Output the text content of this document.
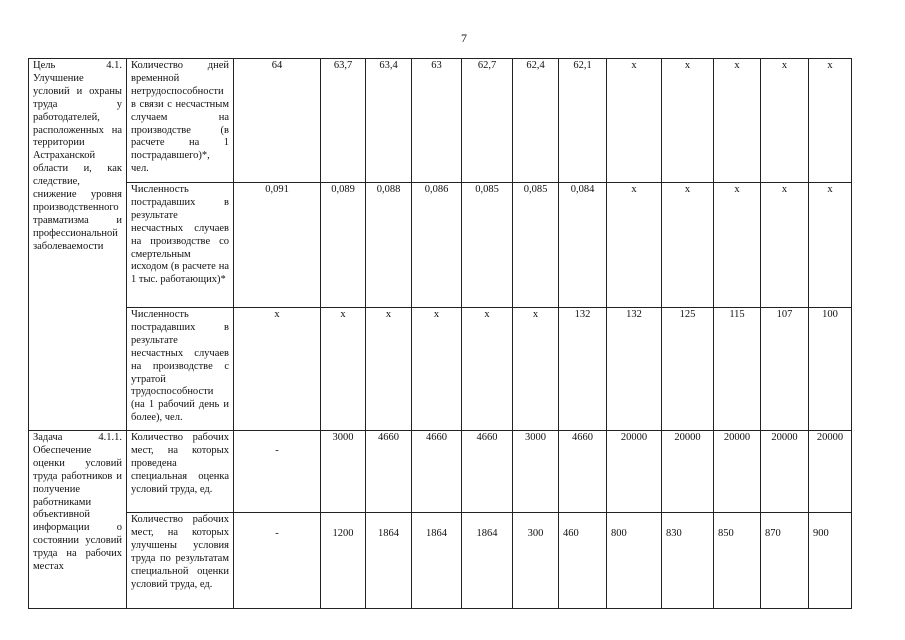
7
Цель 4.1. Улучшение условий и охраны труда у работодателей, расположенных на территории Астраханской области и, как следствие, снижение уровня производственного травматизма и профессиональной заболеваемости	Количество дней временной нетрудоспособности в связи с несчастным случаем на производстве (в расчете на 1 пострадавшего)*, чел.	64	63,7	63,4	63	62,7	62,4	62,1	х	х	х	х	х
	Численность пострадавших в результате несчастных случаев на производстве со смертельным исходом (в расчете на 1 тыс. работающих)*	0,091	0,089	0,088	0,086	0,085	0,085	0,084	х	х	х	х	х
	Численность пострадавших в результате несчастных случаев на производстве с утратой трудоспособности (на 1 рабочий день и более), чел.	х	х	х	х	х	х	132	132	125	115	107	100
Задача 4.1.1. Обеспечение оценки условий труда работников и получение работниками объективной информации о состоянии условий труда на рабочих местах	Количество рабочих мест, на которых проведена специальная оценка условий труда, ед.	-	3000	4660	4660	4660	3000	4660	20000	20000	20000	20000	20000
	Количество рабочих мест, на которых улучшены условия труда по результатам специальной оценки условий труда, ед.	-	1200	1864	1864	1864	300	460	800	830	850	870	900
